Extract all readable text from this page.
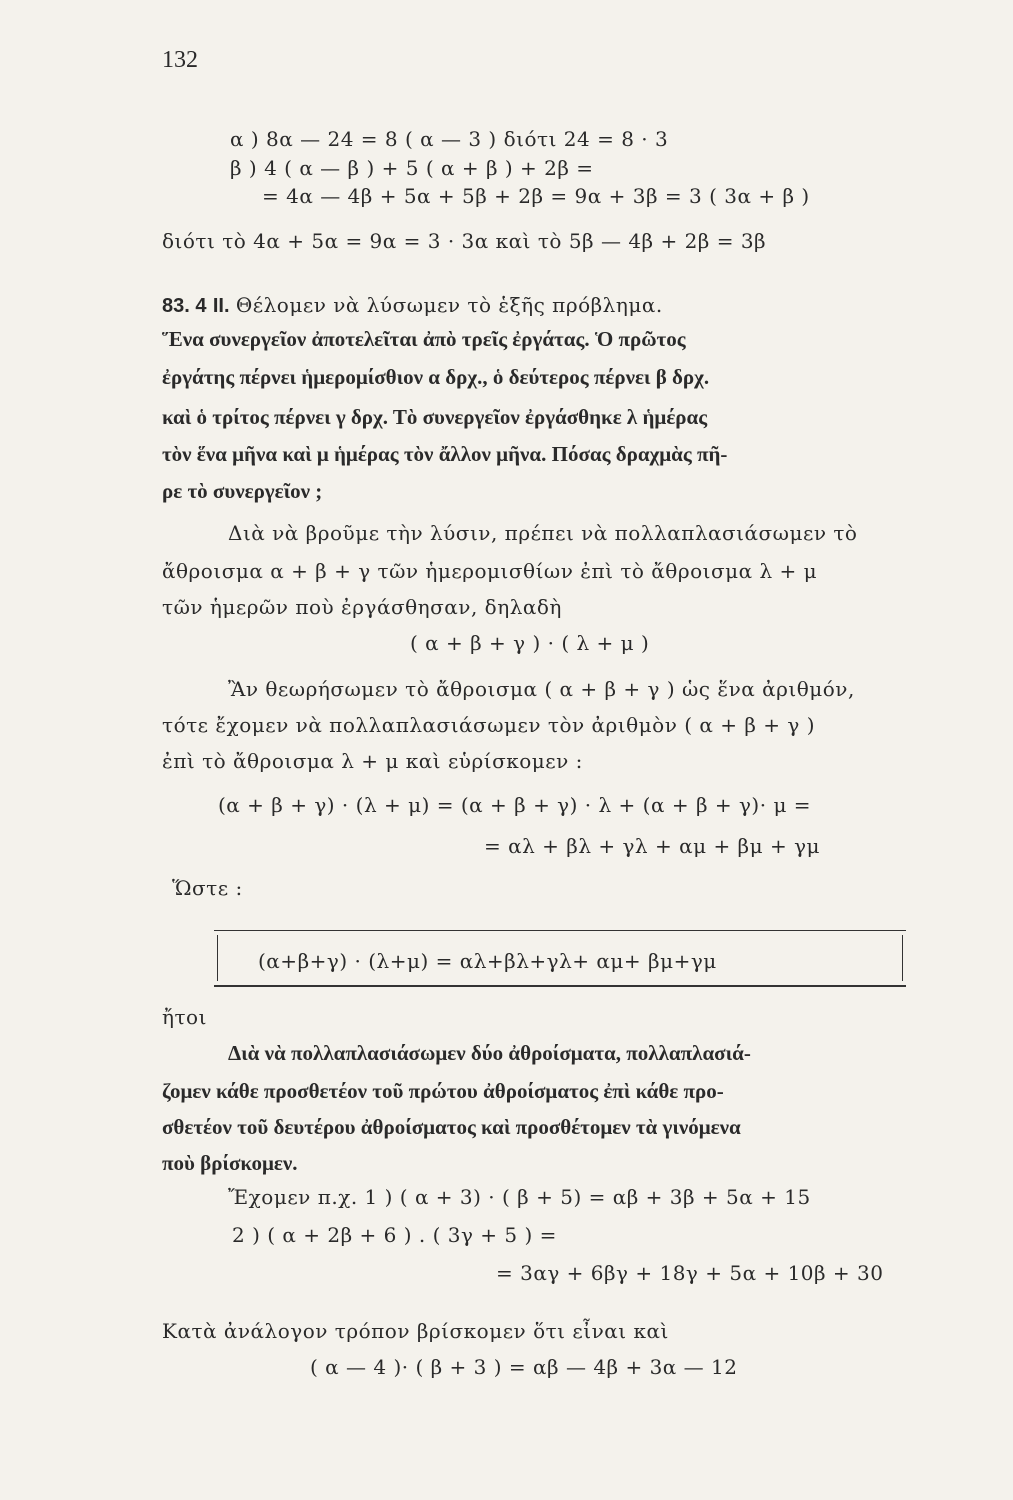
132
α ) 8α — 24 = 8 ( α — 3 ) διότι 24 = 8 · 3
β ) 4 ( α — β ) + 5 ( α + β ) + 2β =
= 4α — 4β + 5α + 5β + 2β = 9α + 3β = 3 ( 3α + β )
διότι τὸ 4α + 5α = 9α = 3 · 3α καὶ τὸ 5β — 4β + 2β = 3β
83. 4 ΙΙ. Θέλομεν νὰ λύσωμεν τὸ ἑξῆς πρόβλημα.
Ἕνα συνεργεῖον ἀποτελεῖται ἀπὸ τρεῖς ἐργάτας. Ὁ πρῶτος
ἐργάτης πέρνει ἡμερομίσθιον α δρχ., ὁ δεύτερος πέρνει β δρχ.
καὶ ὁ τρίτος πέρνει γ δρχ. Τὸ συνεργεῖον ἐργάσθηκε λ ἡμέρας
τὸν ἕνα μῆνα καὶ μ ἡμέρας τὸν ἄλλον μῆνα. Πόσας δραχμὰς πῆ-
ρε τὸ συνεργεῖον ;
Διὰ νὰ βροῦμε τὴν λύσιν, πρέπει νὰ πολλαπλασιάσωμεν τὸ
ἄθροισμα α + β + γ τῶν ἡμερομισθίων ἐπὶ τὸ ἄθροισμα λ + μ
τῶν ἡμερῶν ποὺ ἐργάσθησαν, δηλαδὴ
( α + β + γ ) · ( λ + μ )
Ἂν θεωρήσωμεν τὸ ἄθροισμα ( α + β + γ ) ὡς ἕνα ἀριθμόν,
τότε ἔχομεν νὰ πολλαπλασιάσωμεν τὸν ἀριθμὸν ( α + β + γ )
ἐπὶ τὸ ἄθροισμα λ + μ καὶ εὑρίσκομεν :
(α + β + γ) · (λ + μ) = (α + β + γ) · λ + (α + β + γ)· μ =
= αλ + βλ + γλ + αμ + βμ + γμ
Ὥστε :
(α+β+γ) · (λ+μ) = αλ+βλ+γλ+ αμ+ βμ+γμ
ἤτοι
Διὰ νὰ πολλαπλασιάσωμεν δύο ἀθροίσματα, πολλαπλασιά-
ζομεν κάθε προσθετέον τοῦ πρώτου ἀθροίσματος ἐπὶ κάθε προ-
σθετέον τοῦ δευτέρου ἀθροίσματος καὶ προσθέτομεν τὰ γινόμενα
ποὺ βρίσκομεν.
Ἔχομεν π.χ. 1 ) ( α + 3) · ( β + 5) = αβ + 3β + 5α + 15
2 ) ( α + 2β + 6 ) . ( 3γ + 5 ) =
= 3αγ + 6βγ + 18γ + 5α + 10β + 30
Κατὰ ἀνάλογον τρόπον βρίσκομεν ὅτι εἶναι καὶ
( α — 4 )· ( β + 3 ) = αβ — 4β + 3α — 12
